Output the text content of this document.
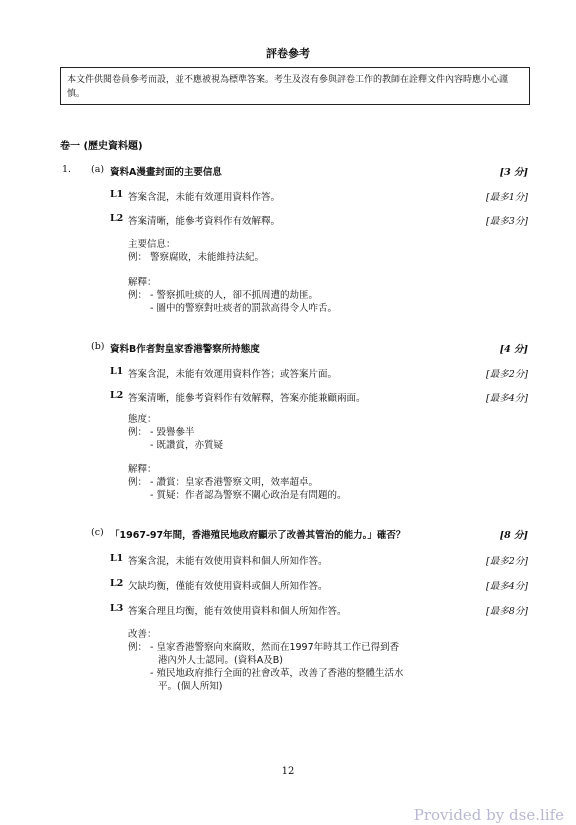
評卷參考
本文件供閱卷員參考而設，並不應被視為標準答案。考生及沒有參與評卷工作的教師在詮釋文件內容時應小心謹慎。
卷一 (歷史資料題)
1. (a) 資料A漫畫封面的主要信息	[3 分]
L1 答案含混，未能有效運用資料作答。	[最多1分]
L2 答案清晰，能參考資料作有效解釋。	[最多3分]
主要信息：
例： 警察腐敗，未能維持法紀。
解釋：
例： - 警察抓吐痰的人，卻不抓周遭的劫匪。
- 圖中的警察對吐痰者的罰款高得令人咋舌。
(b) 資料B作者對皇家香港警察所持態度	[4 分]
L1 答案含混，未能有效運用資料作答；或答案片面。	[最多2分]
L2 答案清晰，能參考資料作有效解釋，答案亦能兼顧兩面。	[最多4分]
態度：
例： - 毀譽參半
- 既讚賞，亦質疑
解釋：
例： - 讚賞：皇家香港警察文明，效率超卓。
- 質疑：作者認為警察不關心政治是有問題的。
(c) 「1967-97年間，香港殖民地政府顯示了改善其管治的能力。」確否？	[8 分]
L1 答案含混，未能有效使用資料和個人所知作答。	[最多2分]
L2 欠缺均衡，僅能有效使用資料或個人所知作答。	[最多4分]
L3 答案合理且均衡，能有效使用資料和個人所知作答。	[最多8分]
改善：
例： - 皇家香港警察向來腐敗，然而在1997年時其工作已得到香
港內外人士認同。(資料A及B)
- 殖民地政府推行全面的社會改革，改善了香港的整體生活水
平。(個人所知)
12
Provided by dse.life
